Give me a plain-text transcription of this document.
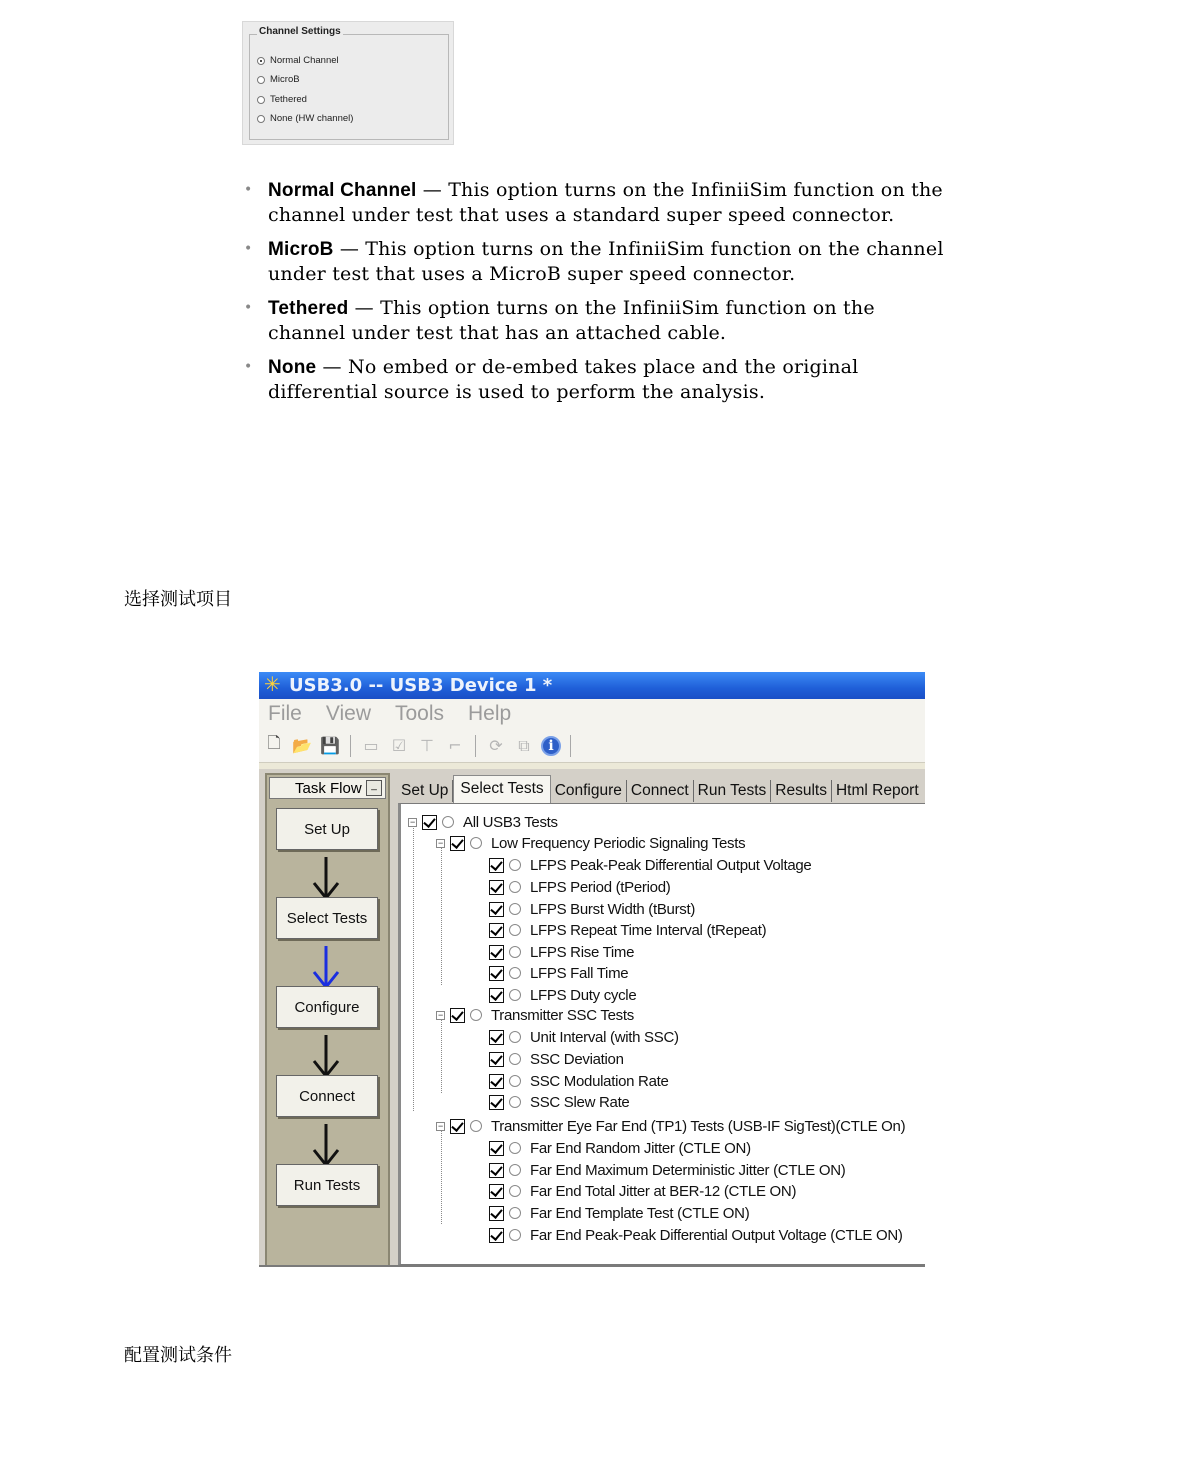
Channel Settings
Normal Channel
MicroB
Tethered
None (HW channel)
• Normal Channel — This option turns on the InfiniiSim function on the channel under test that uses a standard super speed connector.
• MicroB — This option turns on the InfiniiSim function on the channel under test that uses a MicroB super speed connector.
• Tethered — This option turns on the InfiniiSim function on the channel under test that has an attached cable.
• None — No embed or de-embed takes place and the original differential source is used to perform the analysis.
选择测试项目
✳
USB3.0 -- USB3 Device 1 *
File View Tools Help
🗋 📂 💾 ▭ ☑ ⊤ ⌐ ⟳ ⧉	i
Task Flow _
Set Up
Select Tests
Configure
Connect
Run Tests
Set Up Select Tests Configure Connect Run Tests Results Html Report
−	All USB3 Tests
−	Low Frequency Periodic Signaling Tests
LFPS Peak-Peak Differential Output Voltage
LFPS Period (tPeriod)
LFPS Burst Width (tBurst)
LFPS Repeat Time Interval (tRepeat)
LFPS Rise Time
LFPS Fall Time
LFPS Duty cycle
−	Transmitter SSC Tests
Unit Interval (with SSC)
SSC Deviation
SSC Modulation Rate
SSC Slew Rate
−	Transmitter Eye Far End (TP1) Tests (USB-IF SigTest)(CTLE On)
Far End Random Jitter (CTLE ON)
Far End Maximum Deterministic Jitter (CTLE ON)
Far End Total Jitter at BER-12 (CTLE ON)
Far End Template Test (CTLE ON)
Far End Peak-Peak Differential Output Voltage (CTLE ON)
配置测试条件
